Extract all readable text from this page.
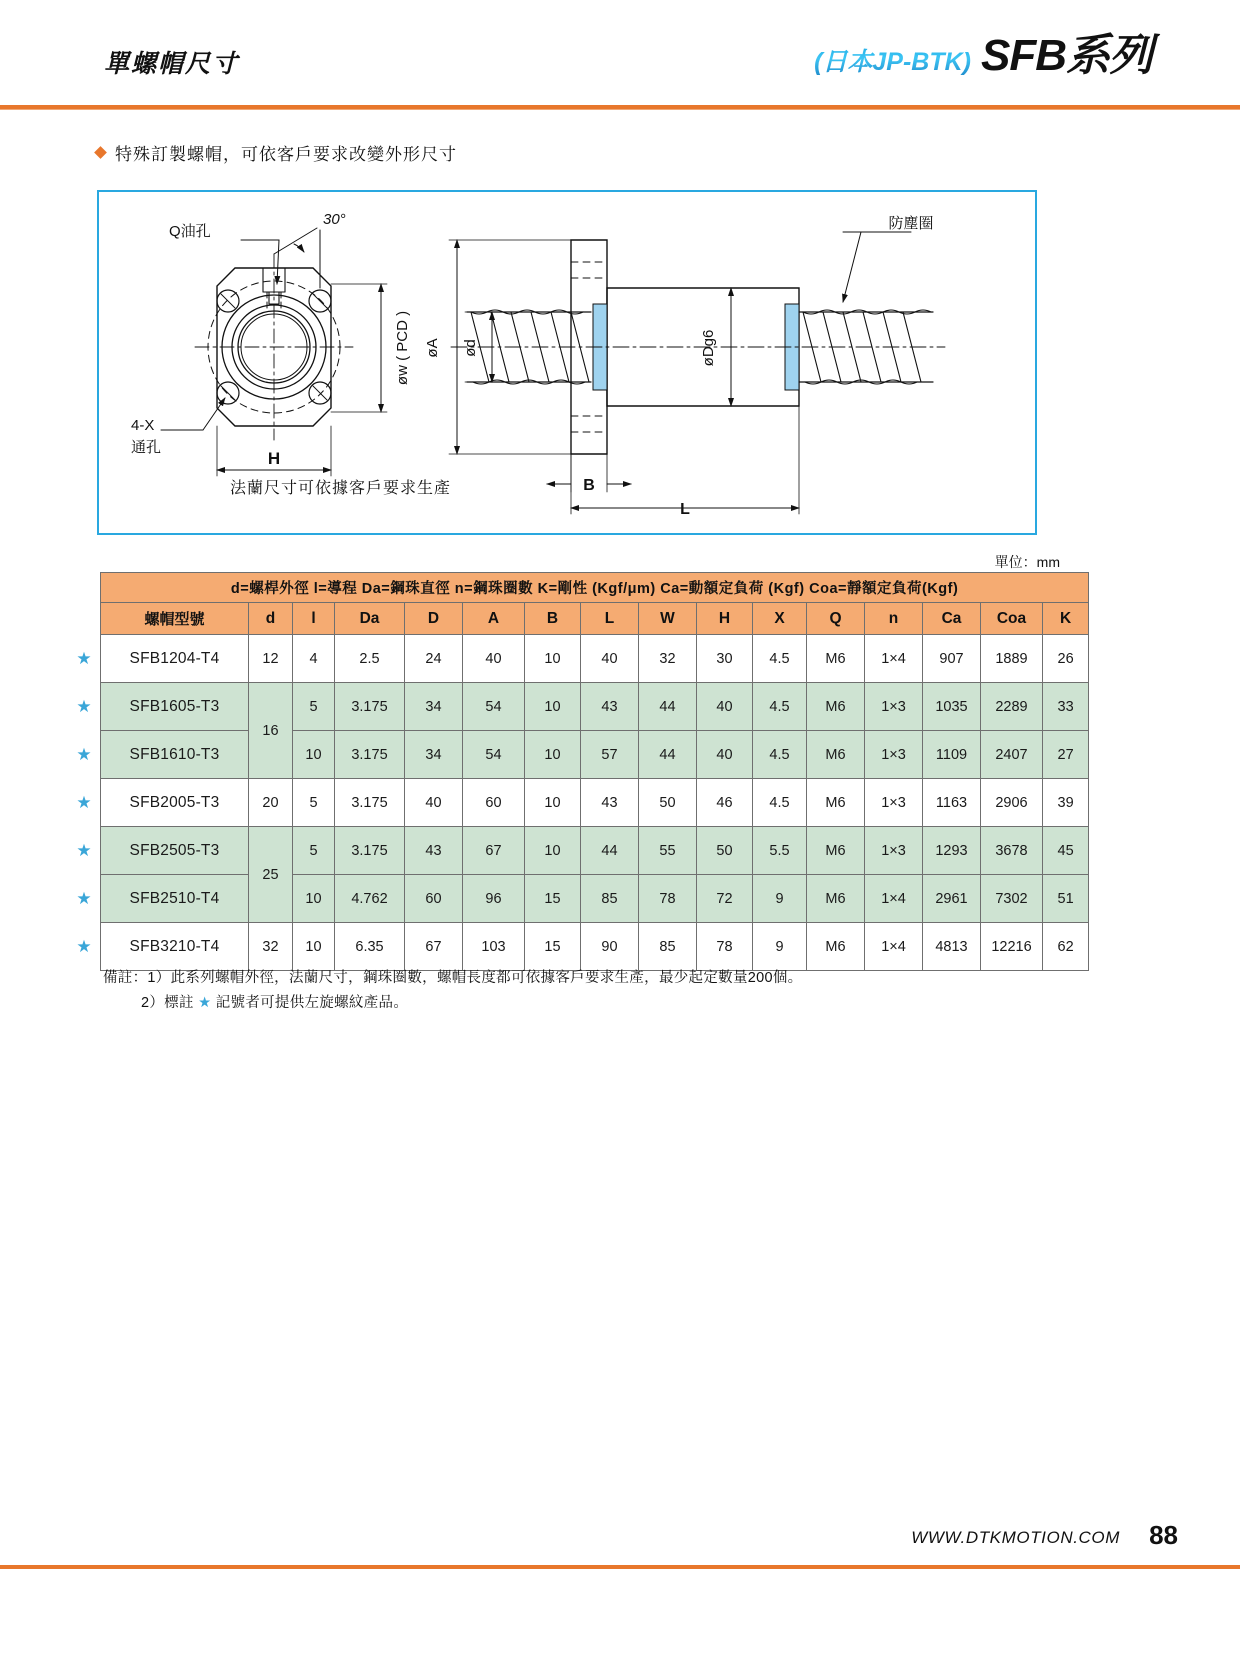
單螺帽尺寸	(日本JP-BTK) SFB系列
特殊訂製螺帽，可依客戶要求改變外形尺寸
Q油孔
30°
øw ( PCD )
4-X
通孔
H
防塵圈
øA ød	øDg6
B
L
法蘭尺寸可依據客戶要求生產
單位：mm
★
★
★
★
★
★
★
d=螺桿外徑 l=導程 Da=鋼珠直徑 n=鋼珠圈數 K=剛性 (Kgf/μm) Ca=動額定負荷 (Kgf) Coa=靜額定負荷(Kgf)															
螺帽型號	d	l	Da	D	A	B	L	W	H	X	Q	n	Ca	Coa	K
SFB1204-T4	12	4	2.5	24	40	10	40	32	30	4.5	M6	1×4	907	1889	26
SFB1605-T3	16	5	3.175	34	54	10	43	44	40	4.5	M6	1×3	1035	2289	33
SFB1610-T3		10	3.175	34	54	10	57	44	40	4.5	M6	1×3	1109	2407	27
SFB2005-T3	20	5	3.175	40	60	10	43	50	46	4.5	M6	1×3	1163	2906	39
SFB2505-T3	25	5	3.175	43	67	10	44	55	50	5.5	M6	1×3	1293	3678	45
SFB2510-T4		10	4.762	60	96	15	85	78	72	9	M6	1×4	2961	7302	51
SFB3210-T4	32	10	6.35	67	103	15	90	85	78	9	M6	1×4	4813	12216	62
備註：1）此系列螺帽外徑，法蘭尺寸，鋼珠圈數，螺帽長度都可依據客戶要求生產，最少起定數量200個。
2）標註 ★ 記號者可提供左旋螺紋產品。
WWW.DTKMOTION.COM 88
